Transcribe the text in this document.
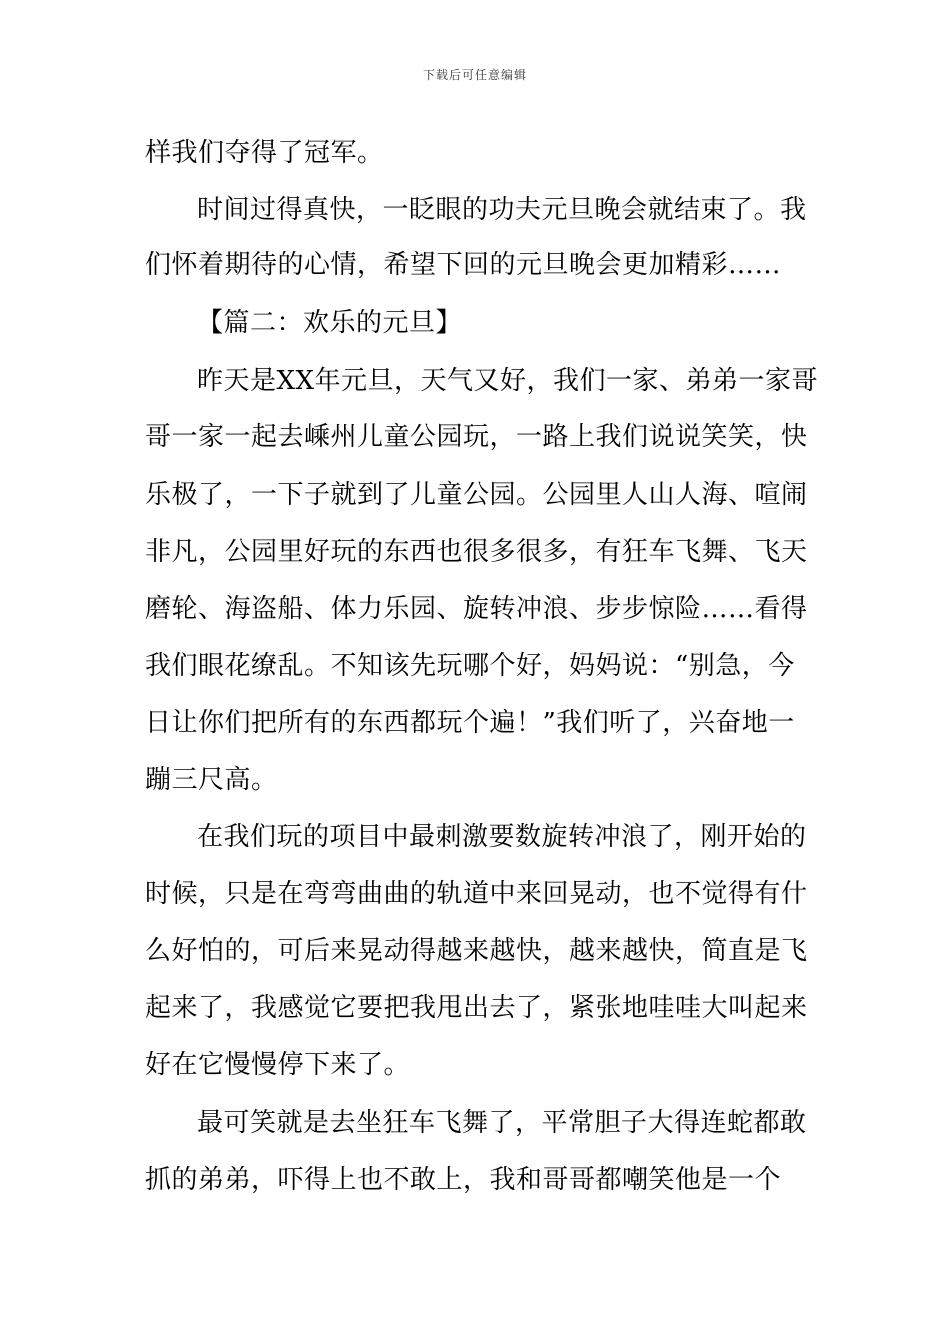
下载后可任意编辑
样我们夺得了冠军。
时间过得真快，一眨眼的功夫元旦晚会就结束了。我
们怀着期待的心情，希望下回的元旦晚会更加精彩……
【篇二：欢乐的元旦】
昨天是XX年元旦，天气又好，我们一家、弟弟一家哥
哥一家一起去嵊州儿童公园玩，一路上我们说说笑笑，快
乐极了，一下子就到了儿童公园。公园里人山人海、喧闹
非凡，公园里好玩的东西也很多很多，有狂车飞舞、飞天
磨轮、海盗船、体力乐园、旋转冲浪、步步惊险……看得
我们眼花缭乱。不知该先玩哪个好，妈妈说：“别急，今
日让你们把所有的东西都玩个遍！”我们听了，兴奋地一
蹦三尺高。
在我们玩的项目中最刺激要数旋转冲浪了，刚开始的
时候，只是在弯弯曲曲的轨道中来回晃动，也不觉得有什
么好怕的，可后来晃动得越来越快，越来越快，简直是飞
起来了，我感觉它要把我甩出去了，紧张地哇哇大叫起来
好在它慢慢停下来了。
最可笑就是去坐狂车飞舞了，平常胆子大得连蛇都敢
抓的弟弟，吓得上也不敢上，我和哥哥都嘲笑他是一个
